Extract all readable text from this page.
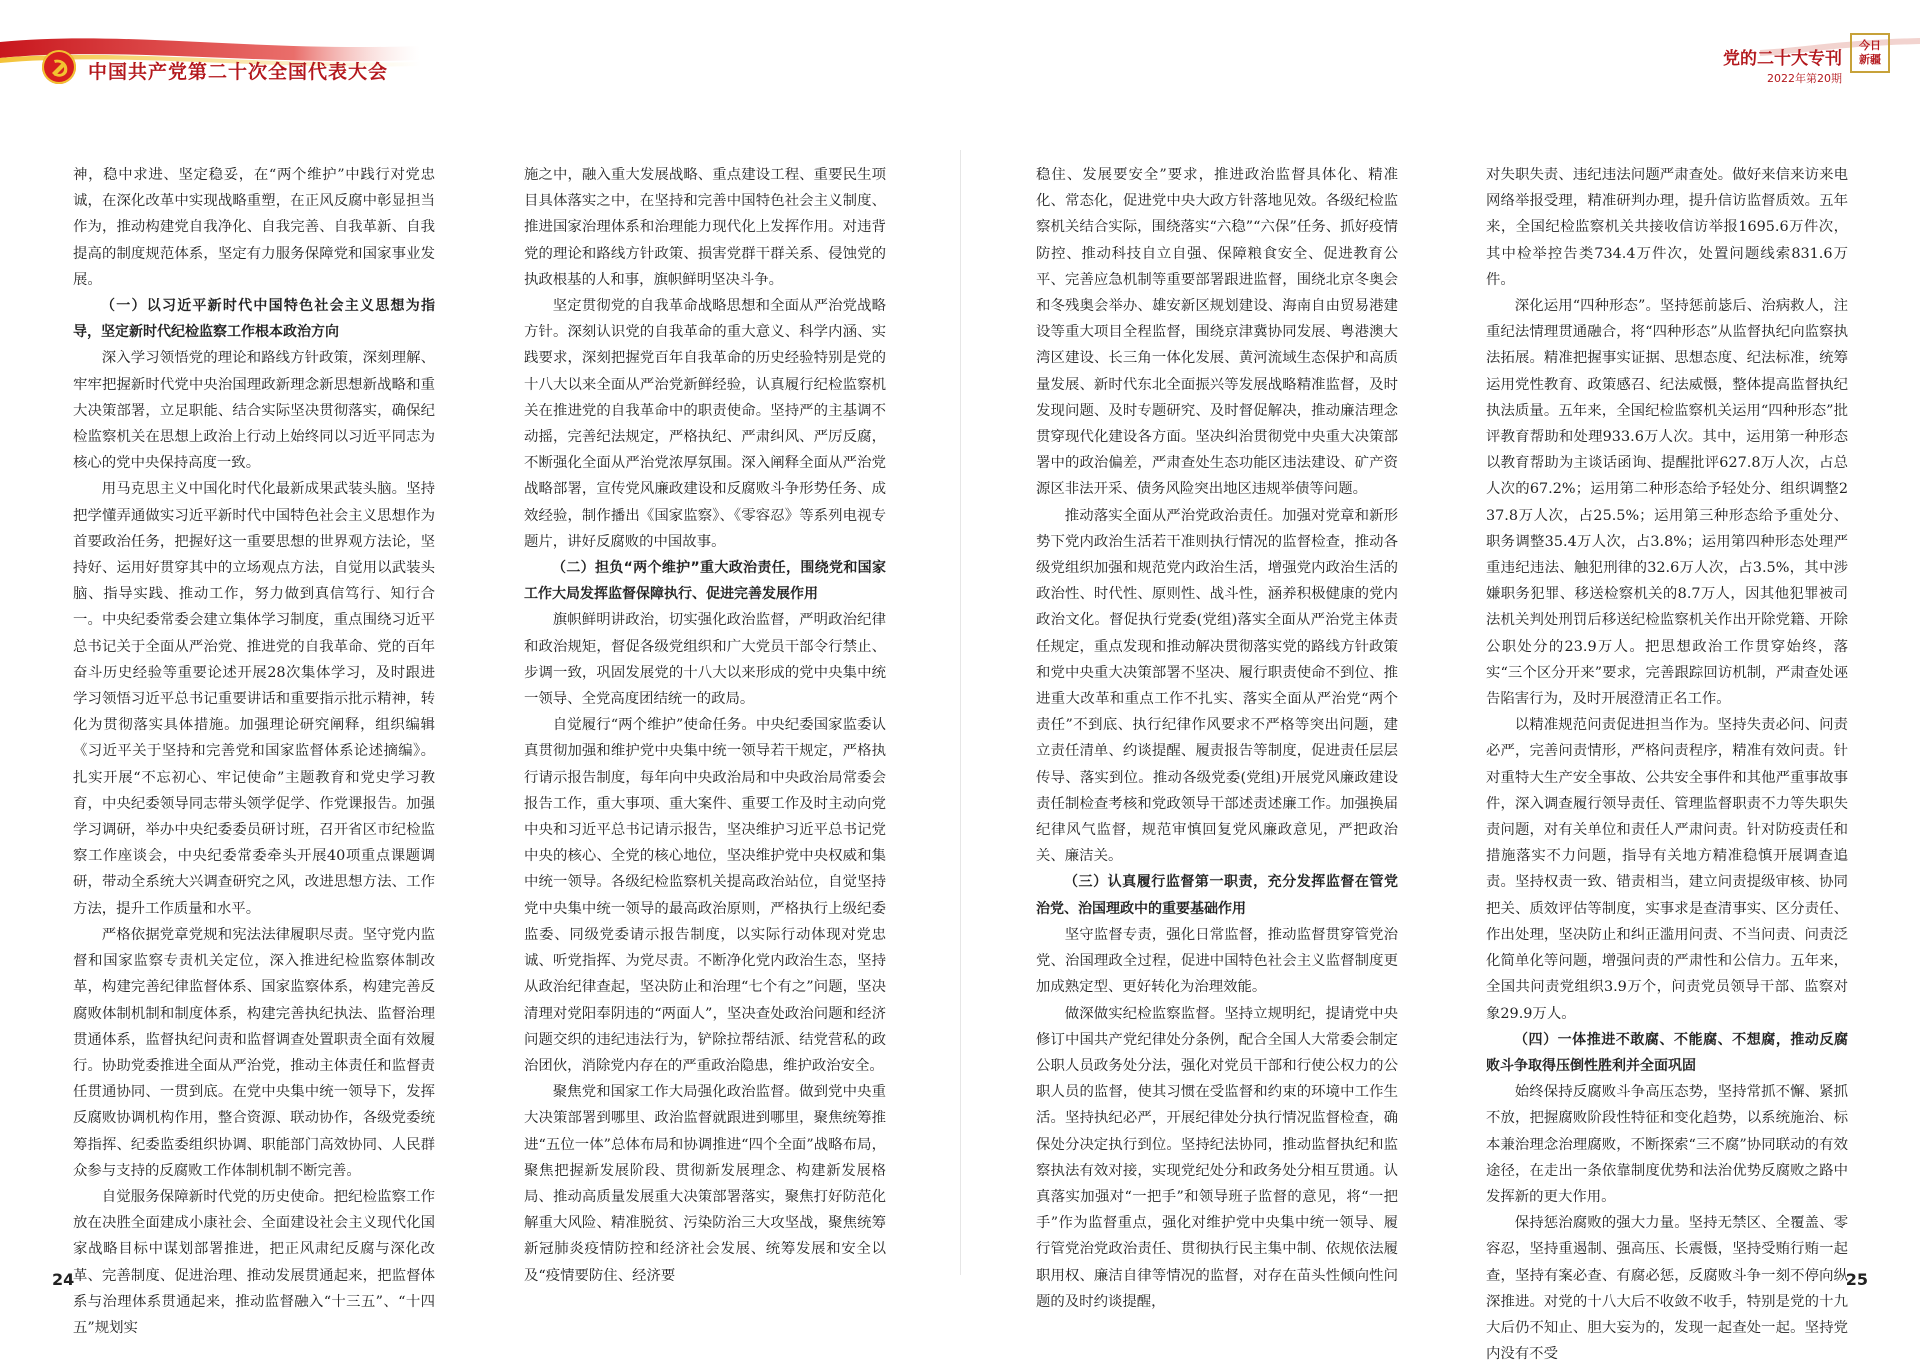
中国共产党第二十次全国代表大会
党的二十大专刊
2022年第20期
今日
新疆

神，稳中求进、坚定稳妥，在“两个维护”中践行对党忠诚，在深化改革中实现战略重塑，在正风反腐中彰显担当作为，推动构建党自我净化、自我完善、自我革新、自我提高的制度规范体系，坚定有力服务保障党和国家事业发展。

（一）以习近平新时代中国特色社会主义思想为指导，坚定新时代纪检监察工作根本政治方向

深入学习领悟党的理论和路线方针政策，深刻理解、牢牢把握新时代党中央治国理政新理念新思想新战略和重大决策部署，立足职能、结合实际坚决贯彻落实，确保纪检监察机关在思想上政治上行动上始终同以习近平同志为核心的党中央保持高度一致。

用马克思主义中国化时代化最新成果武装头脑。坚持把学懂弄通做实习近平新时代中国特色社会主义思想作为首要政治任务，把握好这一重要思想的世界观方法论，坚持好、运用好贯穿其中的立场观点方法，自觉用以武装头脑、指导实践、推动工作，努力做到真信笃行、知行合一。中央纪委常委会建立集体学习制度，重点围绕习近平总书记关于全面从严治党、推进党的自我革命、党的百年奋斗历史经验等重要论述开展28次集体学习，及时跟进学习领悟习近平总书记重要讲话和重要指示批示精神，转化为贯彻落实具体措施。加强理论研究阐释，组织编辑《习近平关于坚持和完善党和国家监督体系论述摘编》。扎实开展“不忘初心、牢记使命”主题教育和党史学习教育，中央纪委领导同志带头领学促学、作党课报告。加强学习调研，举办中央纪委委员研讨班，召开省区市纪检监察工作座谈会，中央纪委常委牵头开展40项重点课题调研，带动全系统大兴调查研究之风，改进思想方法、工作方法，提升工作质量和水平。

严格依据党章党规和宪法法律履职尽责。坚守党内监督和国家监察专责机关定位，深入推进纪检监察体制改革，构建完善纪律监督体系、国家监察体系，构建完善反腐败体制机制和制度体系，构建完善执纪执法、监督治理贯通体系，监督执纪问责和监督调查处置职责全面有效履行。协助党委推进全面从严治党，推动主体责任和监督责任贯通协同、一贯到底。在党中央集中统一领导下，发挥反腐败协调机构作用，整合资源、联动协作，各级党委统筹指挥、纪委监委组织协调、职能部门高效协同、人民群众参与支持的反腐败工作体制机制不断完善。

自觉服务保障新时代党的历史使命。把纪检监察工作放在决胜全面建成小康社会、全面建设社会主义现代化国家战略目标中谋划部署推进，把正风肃纪反腐与深化改革、完善制度、促进治理、推动发展贯通起来，把监督体系与治理体系贯通起来，推动监督融入“十三五”、“十四五”规划实

施之中，融入重大发展战略、重点建设工程、重要民生项目具体落实之中，在坚持和完善中国特色社会主义制度、推进国家治理体系和治理能力现代化上发挥作用。对违背党的理论和路线方针政策、损害党群干群关系、侵蚀党的执政根基的人和事，旗帜鲜明坚决斗争。

坚定贯彻党的自我革命战略思想和全面从严治党战略方针。深刻认识党的自我革命的重大意义、科学内涵、实践要求，深刻把握党百年自我革命的历史经验特别是党的十八大以来全面从严治党新鲜经验，认真履行纪检监察机关在推进党的自我革命中的职责使命。坚持严的主基调不动摇，完善纪法规定，严格执纪、严肃纠风、严厉反腐，不断强化全面从严治党浓厚氛围。深入阐释全面从严治党战略部署，宣传党风廉政建设和反腐败斗争形势任务、成效经验，制作播出《国家监察》、《零容忍》等系列电视专题片，讲好反腐败的中国故事。

（二）担负“两个维护”重大政治责任，围绕党和国家工作大局发挥监督保障执行、促进完善发展作用

旗帜鲜明讲政治，切实强化政治监督，严明政治纪律和政治规矩，督促各级党组织和广大党员干部令行禁止、步调一致，巩固发展党的十八大以来形成的党中央集中统一领导、全党高度团结统一的政局。

自觉履行“两个维护”使命任务。中央纪委国家监委认真贯彻加强和维护党中央集中统一领导若干规定，严格执行请示报告制度，每年向中央政治局和中央政治局常委会报告工作，重大事项、重大案件、重要工作及时主动向党中央和习近平总书记请示报告，坚决维护习近平总书记党中央的核心、全党的核心地位，坚决维护党中央权威和集中统一领导。各级纪检监察机关提高政治站位，自觉坚持党中央集中统一领导的最高政治原则，严格执行上级纪委监委、同级党委请示报告制度，以实际行动体现对党忠诚、听党指挥、为党尽责。不断净化党内政治生态，坚持从政治纪律查起，坚决防止和治理“七个有之”问题，坚决清理对党阳奉阴违的“两面人”，坚决查处政治问题和经济问题交织的违纪违法行为，铲除拉帮结派、结党营私的政治团伙，消除党内存在的严重政治隐患，维护政治安全。

聚焦党和国家工作大局强化政治监督。做到党中央重大决策部署到哪里、政治监督就跟进到哪里，聚焦统筹推进“五位一体”总体布局和协调推进“四个全面”战略布局，聚焦把握新发展阶段、贯彻新发展理念、构建新发展格局、推动高质量发展重大决策部署落实，聚焦打好防范化解重大风险、精准脱贫、污染防治三大攻坚战，聚焦统筹新冠肺炎疫情防控和经济社会发展、统筹发展和安全以及“疫情要防住、经济要

稳住、发展要安全”要求，推进政治监督具体化、精准化、常态化，促进党中央大政方针落地见效。各级纪检监察机关结合实际，围绕落实“六稳”“六保”任务、抓好疫情防控、推动科技自立自强、保障粮食安全、促进教育公平、完善应急机制等重要部署跟进监督，围绕北京冬奥会和冬残奥会举办、雄安新区规划建设、海南自由贸易港建设等重大项目全程监督，围绕京津冀协同发展、粤港澳大湾区建设、长三角一体化发展、黄河流域生态保护和高质量发展、新时代东北全面振兴等发展战略精准监督，及时发现问题、及时专题研究、及时督促解决，推动廉洁理念贯穿现代化建设各方面。坚决纠治贯彻党中央重大决策部署中的政治偏差，严肃查处生态功能区违法建设、矿产资源区非法开采、债务风险突出地区违规举债等问题。

推动落实全面从严治党政治责任。加强对党章和新形势下党内政治生活若干准则执行情况的监督检查，推动各级党组织加强和规范党内政治生活，增强党内政治生活的政治性、时代性、原则性、战斗性，涵养积极健康的党内政治文化。督促执行党委(党组)落实全面从严治党主体责任规定，重点发现和推动解决贯彻落实党的路线方针政策和党中央重大决策部署不坚决、履行职责使命不到位、推进重大改革和重点工作不扎实、落实全面从严治党“两个责任”不到底、执行纪律作风要求不严格等突出问题，建立责任清单、约谈提醒、履责报告等制度，促进责任层层传导、落实到位。推动各级党委(党组)开展党风廉政建设责任制检查考核和党政领导干部述责述廉工作。加强换届纪律风气监督，规范审慎回复党风廉政意见，严把政治关、廉洁关。

（三）认真履行监督第一职责，充分发挥监督在管党治党、治国理政中的重要基础作用

坚守监督专责，强化日常监督，推动监督贯穿管党治党、治国理政全过程，促进中国特色社会主义监督制度更加成熟定型、更好转化为治理效能。

做深做实纪检监察监督。坚持立规明纪，提请党中央修订中国共产党纪律处分条例，配合全国人大常委会制定公职人员政务处分法，强化对党员干部和行使公权力的公职人员的监督，使其习惯在受监督和约束的环境中工作生活。坚持执纪必严，开展纪律处分执行情况监督检查，确保处分决定执行到位。坚持纪法协同，推动监督执纪和监察执法有效对接，实现党纪处分和政务处分相互贯通。认真落实加强对“一把手”和领导班子监督的意见，将“一把手”作为监督重点，强化对维护党中央集中统一领导、履行管党治党政治责任、贯彻执行民主集中制、依规依法履职用权、廉洁自律等情况的监督，对存在苗头性倾向性问题的及时约谈提醒，

对失职失责、违纪违法问题严肃查处。做好来信来访来电网络举报受理，精准研判办理，提升信访监督质效。五年来，全国纪检监察机关共接收信访举报1695.6万件次，其中检举控告类734.4万件次，处置问题线索831.6万件。

深化运用“四种形态”。坚持惩前毖后、治病救人，注重纪法情理贯通融合，将“四种形态”从监督执纪向监察执法拓展。精准把握事实证据、思想态度、纪法标准，统筹运用党性教育、政策感召、纪法威慑，整体提高监督执纪执法质量。五年来，全国纪检监察机关运用“四种形态”批评教育帮助和处理933.6万人次。其中，运用第一种形态以教育帮助为主谈话函询、提醒批评627.8万人次，占总人次的67.2%；运用第二种形态给予轻处分、组织调整237.8万人次，占25.5%；运用第三种形态给予重处分、职务调整35.4万人次，占3.8%；运用第四种形态处理严重违纪违法、触犯刑律的32.6万人次，占3.5%，其中涉嫌职务犯罪、移送检察机关的8.7万人，因其他犯罪被司法机关判处刑罚后移送纪检监察机关作出开除党籍、开除公职处分的23.9万人。把思想政治工作贯穿始终，落实“三个区分开来”要求，完善跟踪回访机制，严肃查处诬告陷害行为，及时开展澄清正名工作。

以精准规范问责促进担当作为。坚持失责必问、问责必严，完善问责情形，严格问责程序，精准有效问责。针对重特大生产安全事故、公共安全事件和其他严重事故事件，深入调查履行领导责任、管理监督职责不力等失职失责问题，对有关单位和责任人严肃问责。针对防疫责任和措施落实不力问题，指导有关地方精准稳慎开展调查追责。坚持权责一致、错责相当，建立问责提级审核、协同把关、质效评估等制度，实事求是查清事实、区分责任、作出处理，坚决防止和纠正滥用问责、不当问责、问责泛化简单化等问题，增强问责的严肃性和公信力。五年来，全国共问责党组织3.9万个，问责党员领导干部、监察对象29.9万人。

（四）一体推进不敢腐、不能腐、不想腐，推动反腐败斗争取得压倒性胜利并全面巩固

始终保持反腐败斗争高压态势，坚持常抓不懈、紧抓不放，把握腐败阶段性特征和变化趋势，以系统施治、标本兼治理念治理腐败，不断探索“三不腐”协同联动的有效途径，在走出一条依靠制度优势和法治优势反腐败之路中发挥新的更大作用。

保持惩治腐败的强大力量。坚持无禁区、全覆盖、零容忍，坚持重遏制、强高压、长震慑，坚持受贿行贿一起查，坚持有案必查、有腐必惩，反腐败斗争一刻不停向纵深推进。对党的十八大后不收敛不收手，特别是党的十九大后仍不知止、胆大妄为的，发现一起查处一起。坚持党内没有不受

24	25
